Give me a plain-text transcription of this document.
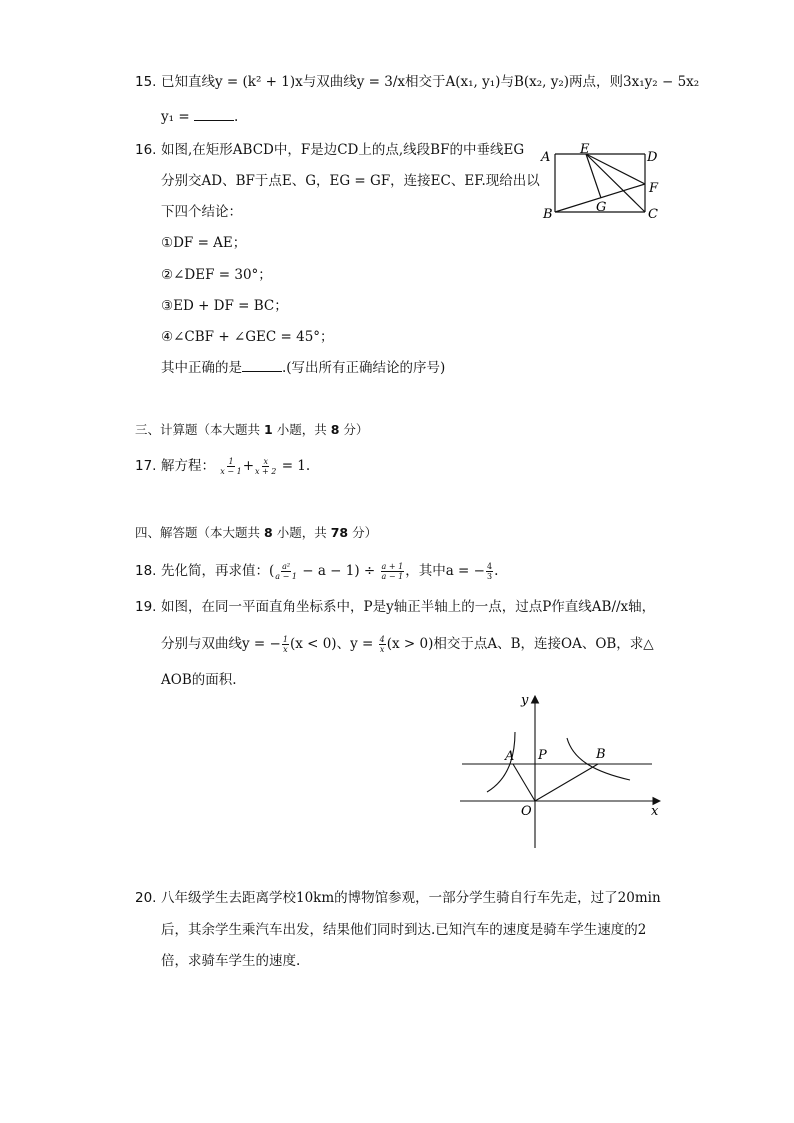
15. 已知直线y = (k² + 1)x与双曲线y = 3/x相交于A(x₁, y₁)与B(x₂, y₂)两点，则3x₁y₂ − 5x₂
y₁ =	.
16. 如图,在矩形ABCD中，F是边CD上的点,线段BF的中垂线EG
分别交AD、BF于点E、G，EG = GF，连接EC、EF.现给出以
下四个结论：
①DF = AE；
②∠DEF = 30°；
③ED + DF = BC；
④∠CBF + ∠GEC = 45°；
其中正确的是	.(写出所有正确结论的序号)
A
E
D
F
B	G	C
三、计算题（本大题共 1 小题，共 8 分）
17. 解方程： $\frac{1}{x - 1} + \frac{x}{x + 2} = 1$.
四、解答题（本大题共 8 小题，共 78 分）
18. 先化简，再求值：( $\frac{\text{a²}}{a - 1} - a - 1) \div \frac{a + 1}{a - 1}$ ，其中a = − $\frac{4}{3}$ .
19. 如图，在同一平面直角坐标系中，P是y轴正半轴上的一点，过点P作直线AB//x轴，
分别与双曲线y = − $\frac{1}{x} (x < 0)$、$y = \frac{4}{x} (x > 0)$相交于点A、B，连接OA、OB，求△
AOB的面积.
y
x
A P	B
O
20. 八年级学生去距离学校10km的博物馆参观，一部分学生骑自行车先走，过了20min
后，其余学生乘汽车出发，结果他们同时到达.已知汽车的速度是骑车学生速度的2
倍，求骑车学生的速度.
